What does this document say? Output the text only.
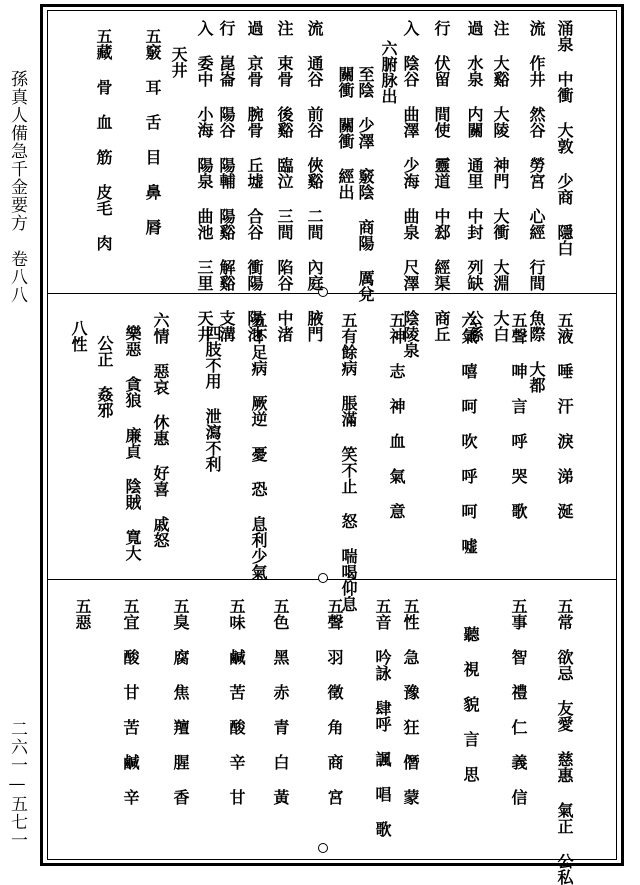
孫真人備急千金要方　卷八八
二六一—五七一
涌泉 中衝 大敦 少商 隱白
流 作井 然谷 勞宮 心經 行間 魚際 大都
注 大谿 大陵 神門 大衝 大淵 大白
過 水泉 内關 通里 中封 列缺 公孫
行 伏留 間使 靈道 中郄 經渠 商丘
入 陰谷 曲澤 少海 曲泉 尺澤 陰陵泉
六腑脉出
至陰 少澤 竅陰 商陽 厲兌
關衝 關衝 經出
流 通谷 前谷 俠谿 二間 內庭 腋門
注 束骨 後谿 臨泣 三間 陷谷 中渚
過 京骨 腕骨 丘墟 合谷 衝陽 陽池
行 崑崙 陽谷 陽輔 陽谿 解谿 支溝
入 委中 小海 陽泉 曲池 三里 天井
天井
五竅 耳 舌 目 鼻 脣
五藏 骨 血 筋 皮毛 肉
五液 唾 汗 淚 涕 涎
五聲 呻 言 呼 哭 歌
六氣 嘻 呵 吹 呼 呵 嘘
五神 志 神 血 氣 意
五有餘病 脹滿 笑不止 怒 喘喝仰息
五不足病 厥逆 憂 恐 息利少氣
四肢不用 泄瀉不利
六情 惡哀 休惠 好喜 戚怒
樂惡 貪狼 廉貞 陰賊 寬大
公正 姦邪
八性
五常 欲忌 友愛 慈惠 氣正 公私
五事 智 禮 仁 義 信
聽 視 貌 言 思
五性 急 豫 狂 僭 蒙
五音 吟詠 肆呼 諷 唱 歌
五聲 羽 徵 角 商 宮
五色 黑 赤 青 白 黃
五味 鹹 苦 酸 辛 甘
五臭 腐 焦 羶 腥 香
五宜 酸 甘 苦 鹹 辛
五惡
